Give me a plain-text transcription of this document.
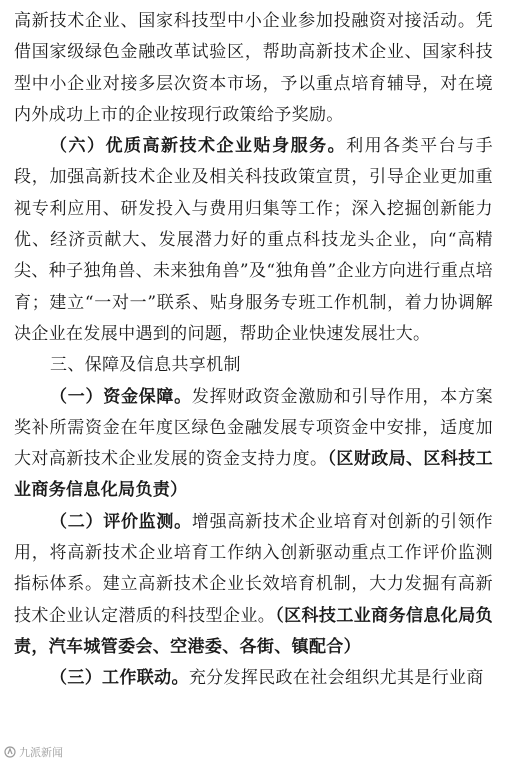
高新技术企业、国家科技型中小企业参加投融资对接活动。凭借国家级绿色金融改革试验区，帮助高新技术企业、国家科技型中小企业对接多层次资本市场，予以重点培育辅导，对在境内外成功上市的企业按现行政策给予奖励。

（六）优质高新技术企业贴身服务。利用各类平台与手段，加强高新技术企业及相关科技政策宣贯，引导企业更加重视专利应用、研发投入与费用归集等工作；深入挖掘创新能力优、经济贡献大、发展潜力好的重点科技龙头企业，向“高精尖、种子独角兽、未来独角兽”及“独角兽”企业方向进行重点培育；建立“一对一”联系、贴身服务专班工作机制，着力协调解决企业在发展中遇到的问题，帮助企业快速发展壮大。

三、保障及信息共享机制

（一）资金保障。发挥财政资金激励和引导作用，本方案奖补所需资金在年度区绿色金融发展专项资金中安排，适度加大对高新技术企业发展的资金支持力度。（区财政局、区科技工业商务信息化局负责）

（二）评价监测。增强高新技术企业培育对创新的引领作用，将高新技术企业培育工作纳入创新驱动重点工作评价监测指标体系。建立高新技术企业长效培育机制，大力发掘有高新技术企业认定潜质的科技型企业。（区科技工业商务信息化局负责，汽车城管委会、空港委、各街、镇配合）

（三）工作联动。充分发挥民政在社会组织尤其是行业商

九派新闻
